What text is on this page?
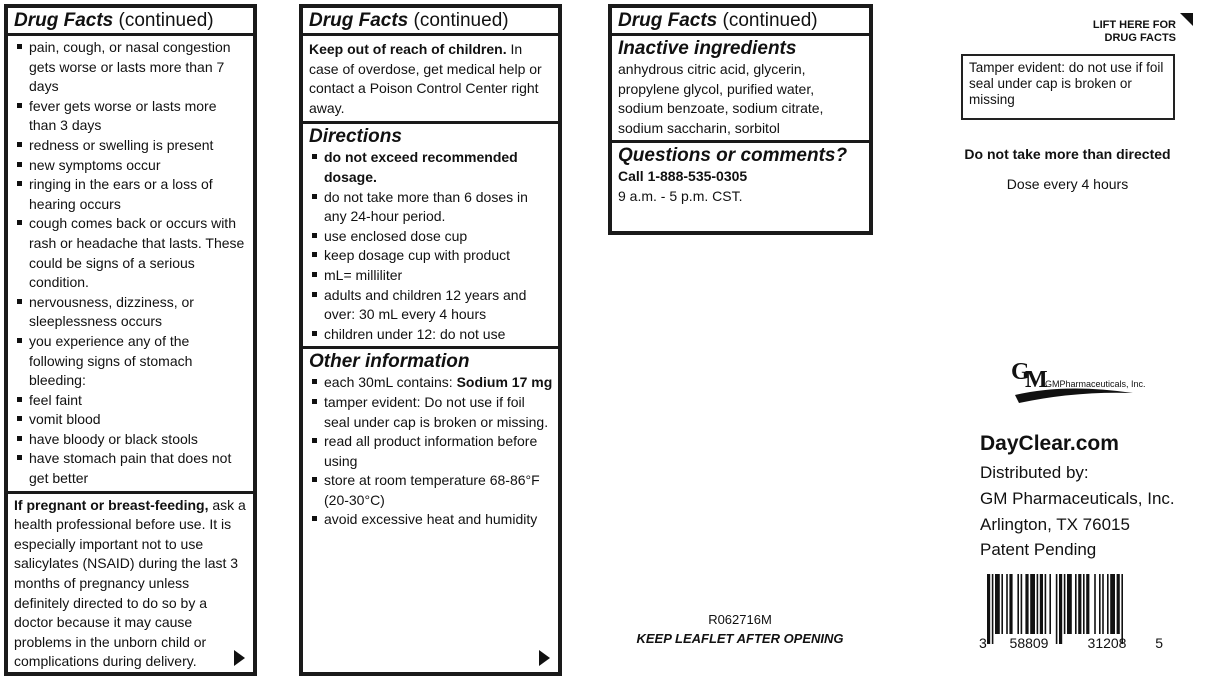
Drug Facts (continued)
pain, cough, or nasal congestion gets worse or lasts more than 7 days
fever gets worse or lasts more than 3 days
redness or swelling is present
new symptoms occur
ringing in the ears or a loss of hearing occurs
cough comes back or occurs with rash or headache that lasts. These could be signs of a serious condition.
nervousness, dizziness, or sleeplessness occurs
you experience any of the following signs of stomach bleeding:
feel faint
vomit blood
have bloody or black stools
have stomach pain that does not get better
If pregnant or breast-feeding, ask a health professional before use. It is especially important not to use salicylates (NSAID) during the last 3 months of pregnancy unless definitely directed to do so by a doctor because it may cause problems in the unborn child or complications during delivery.
Drug Facts (continued)
Keep out of reach of children. In case of overdose, get medical help or contact a Poison Control Center right away.
Directions
do not exceed recommended dosage.
do not take more than 6 doses in any 24-hour period.
use enclosed dose cup
keep dosage cup with product
mL= milliliter
adults and children 12 years and over: 30 mL every 4 hours
children under 12: do not use
Other information
each 30mL contains: Sodium 17 mg
tamper evident: Do not use if foil seal under cap is broken or missing.
read all product information before using
store at room temperature 68-86°F (20-30°C)
avoid excessive heat and humidity
Drug Facts (continued)
Inactive ingredients
anhydrous citric acid, glycerin, propylene glycol, purified water, sodium benzoate, sodium citrate, sodium saccharin, sorbitol
Questions or comments?
Call 1-888-535-0305
9 a.m. - 5 p.m. CST.
R062716M
KEEP LEAFLET AFTER OPENING
LIFT HERE FOR
DRUG FACTS
Tamper evident: do not use if foil seal under cap is broken or missing
Do not take more than directed
Dose every 4 hours
G
M
GMPharmaceuticals, Inc.
DayClear.com
Distributed by:
GM Pharmaceuticals, Inc.
Arlington, TX 76015
Patent Pending
3 58809	31208 5
